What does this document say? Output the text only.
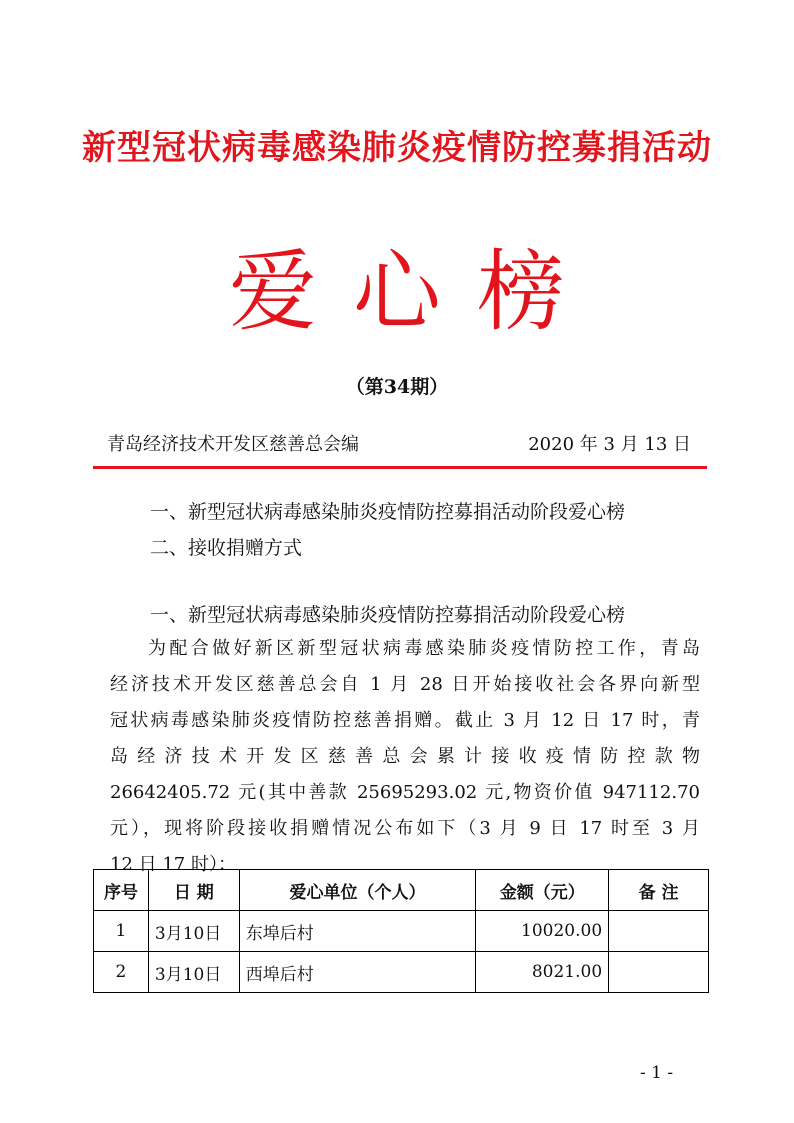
新型冠状病毒感染肺炎疫情防控募捐活动
爱心榜
（第34期）
青岛经济技术开发区慈善总会编	2020 年 3 月 13 日
一、新型冠状病毒感染肺炎疫情防控募捐活动阶段爱心榜
二、接收捐赠方式
一、新型冠状病毒感染肺炎疫情防控募捐活动阶段爱心榜
为配合做好新区新型冠状病毒感染肺炎疫情防控工作，青岛
经济技术开发区慈善总会自 1 月 28 日开始接收社会各界向新型
冠状病毒感染肺炎疫情防控慈善捐赠。截止 3 月 12 日 17 时，青
岛 经 济 技 术 开 发 区 慈 善 总 会 累 计 接 收 疫 情 防 控 款 物
26642405.72 元(其中善款 25695293.02 元,物资价值 947112.70
元），现将阶段接收捐赠情况公布如下（3 月 9 日 17 时至 3 月
12 日 17 时）：
序号	日 期	爱心单位（个人）	金额（元）	备 注
1	3月10日	东埠后村	10020.00	
2	3月10日	西埠后村	8021.00	
- 1 -
